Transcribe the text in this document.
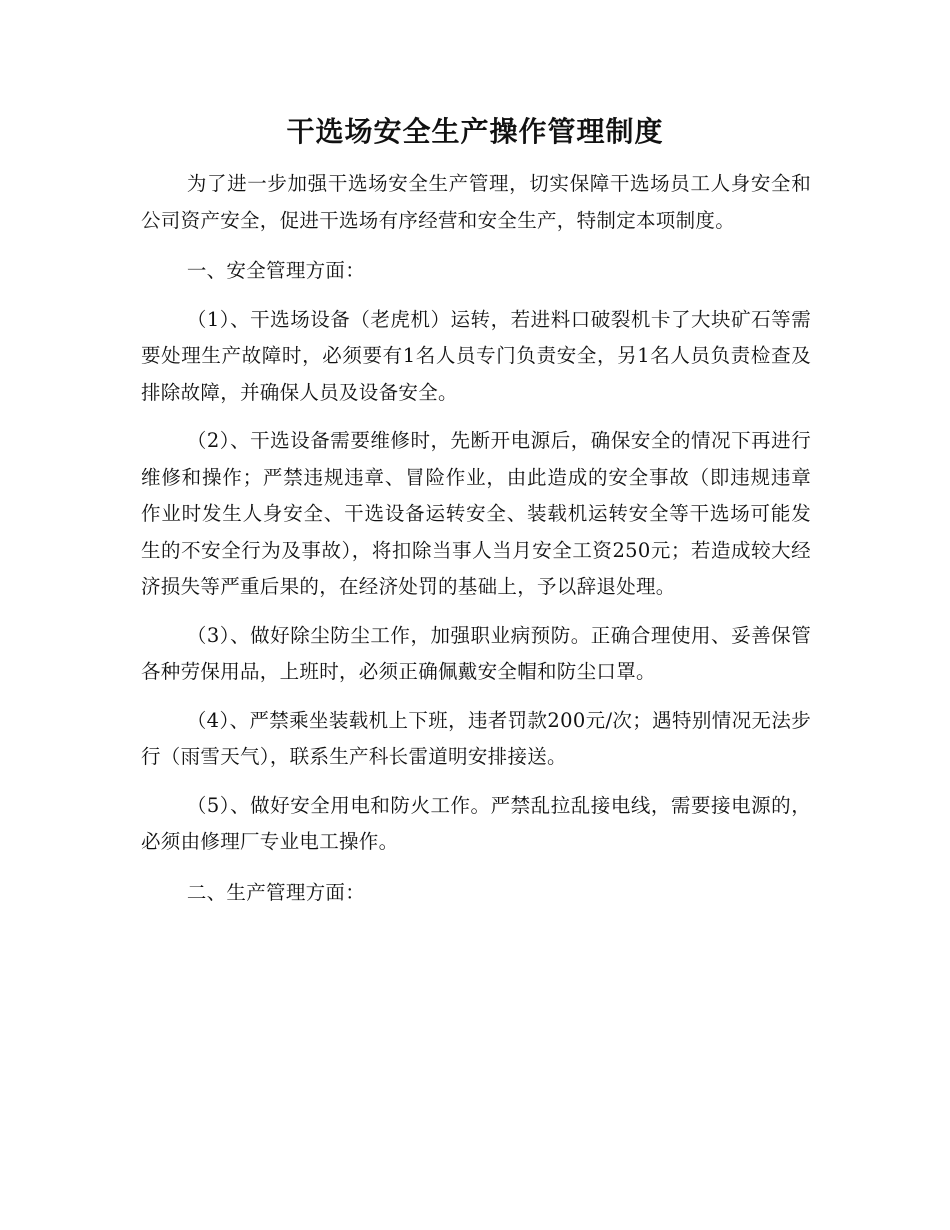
干选场安全生产操作管理制度

为了进一步加强干选场安全生产管理，切实保障干选场员工人身安全和公司资产安全，促进干选场有序经营和安全生产，特制定本项制度。

一、安全管理方面：

（1）、干选场设备（老虎机）运转，若进料口破裂机卡了大块矿石等需要处理生产故障时，必须要有1名人员专门负责安全，另1名人员负责检查及排除故障，并确保人员及设备安全。

（2）、干选设备需要维修时，先断开电源后，确保安全的情况下再进行维修和操作；严禁违规违章、冒险作业，由此造成的安全事故（即违规违章作业时发生人身安全、干选设备运转安全、装载机运转安全等干选场可能发生的不安全行为及事故），将扣除当事人当月安全工资250元；若造成较大经济损失等严重后果的，在经济处罚的基础上，予以辞退处理。

（3）、做好除尘防尘工作，加强职业病预防。正确合理使用、妥善保管各种劳保用品，上班时，必须正确佩戴安全帽和防尘口罩。

（4）、严禁乘坐装载机上下班，违者罚款200元/次；遇特别情况无法步行（雨雪天气），联系生产科长雷道明安排接送。

（5）、做好安全用电和防火工作。严禁乱拉乱接电线，需要接电源的，必须由修理厂专业电工操作。

二、生产管理方面：
